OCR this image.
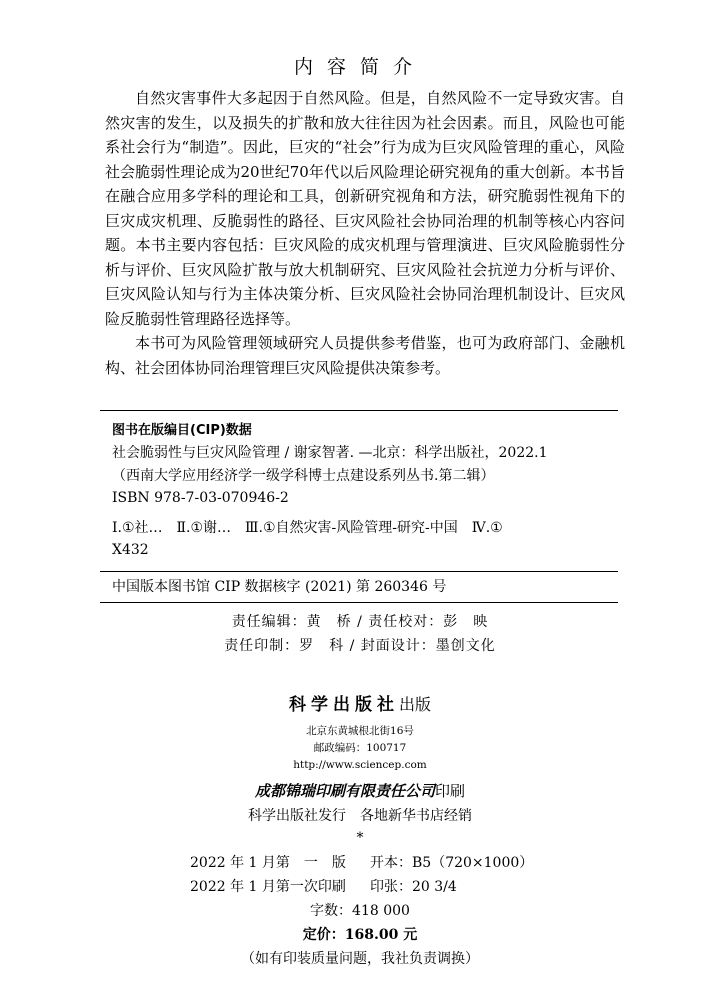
内容简介

自然灾害事件大多起因于自然风险。但是，自然风险不一定导致灾害。自然灾害的发生，以及损失的扩散和放大往往因为社会因素。而且，风险也可能系社会行为“制造”。因此，巨灾的“社会”行为成为巨灾风险管理的重心，风险社会脆弱性理论成为20世纪70年代以后风险理论研究视角的重大创新。本书旨在融合应用多学科的理论和工具，创新研究视角和方法，研究脆弱性视角下的巨灾成灾机理、反脆弱性的路径、巨灾风险社会协同治理的机制等核心内容问题。本书主要内容包括：巨灾风险的成灾机理与管理演进、巨灾风险脆弱性分析与评价、巨灾风险扩散与放大机制研究、巨灾风险社会抗逆力分析与评价、巨灾风险认知与行为主体决策分析、巨灾风险社会协同治理机制设计、巨灾风险反脆弱性管理路径选择等。

本书可为风险管理领域研究人员提供参考借鉴，也可为政府部门、金融机构、社会团体协同治理管理巨灾风险提供决策参考。

图书在版编目(CIP)数据
社会脆弱性与巨灾风险管理 / 谢家智著. —北京：科学出版社，2022.1
（西南大学应用经济学一级学科博士点建设系列丛书.第二辑）
ISBN 978-7-03-070946-2
Ⅰ.①社…　Ⅱ.①谢…　Ⅲ.①自然灾害-风险管理-研究-中国　Ⅳ.①
X432
中国版本图书馆 CIP 数据核字 (2021) 第 260346 号
责任编辑：黄　桥 / 责任校对：彭　映
责任印制：罗　科 / 封面设计：墨创文化
科学出版社出版
北京东黄城根北街16号
邮政编码：100717
http://www.sciencep.com
成都锦瑞印刷有限责任公司印刷
科学出版社发行　各地新华书店经销
*
2022 年 1 月第　一　版 开本：B5（720×1000）
2022 年 1 月第一次印刷 印张：20 3/4
字数：418 000
定价：168.00 元
（如有印装质量问题，我社负责调换）
